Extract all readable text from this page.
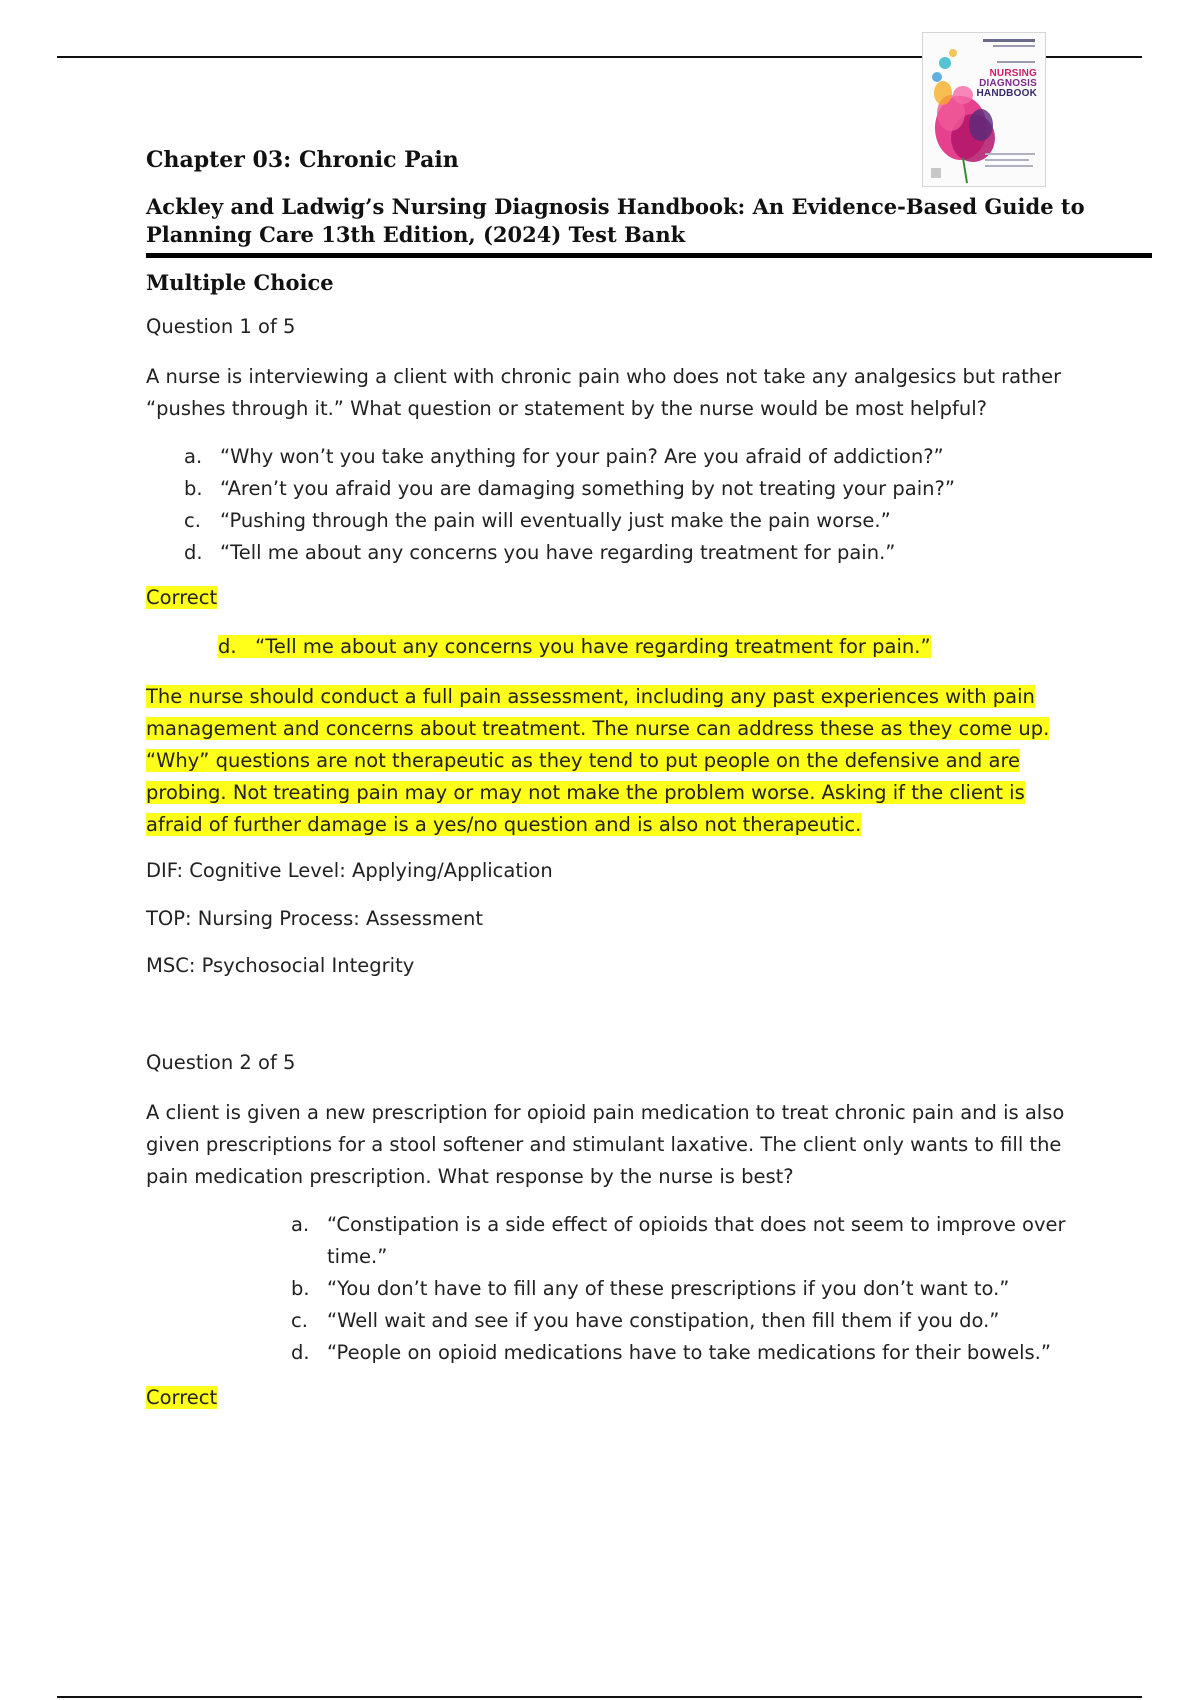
NURSING
DIAGNOSIS
HANDBOOK
Chapter 03: Chronic Pain
Ackley and Ladwig’s Nursing Diagnosis Handbook: An Evidence-Based Guide to Planning Care 13th Edition, (2024) Test Bank
Multiple Choice
Question 1 of 5
A nurse is interviewing a client with chronic pain who does not take any analgesics but rather “pushes through it.” What question or statement by the nurse would be most helpful?
a. “Why won’t you take anything for your pain? Are you afraid of addiction?”
b. “Aren’t you afraid you are damaging something by not treating your pain?”
c. “Pushing through the pain will eventually just make the pain worse.”
d. “Tell me about any concerns you have regarding treatment for pain.”
Correct
d.   “Tell me about any concerns you have regarding treatment for pain.”
The nurse should conduct a full pain assessment, including any past experiences with pain management and concerns about treatment. The nurse can address these as they come up. “Why” questions are not therapeutic as they tend to put people on the defensive and are probing. Not treating pain may or may not make the problem worse. Asking if the client is afraid of further damage is a yes/no question and is also not therapeutic.
DIF: Cognitive Level: Applying/Application
TOP: Nursing Process: Assessment
MSC: Psychosocial Integrity
Question 2 of 5
A client is given a new prescription for opioid pain medication to treat chronic pain and is also given prescriptions for a stool softener and stimulant laxative. The client only wants to fill the pain medication prescription. What response by the nurse is best?
a. “Constipation is a side effect of opioids that does not seem to improve over time.”
b. “You don’t have to fill any of these prescriptions if you don’t want to.”
c. “Well wait and see if you have constipation, then fill them if you do.”
d. “People on opioid medications have to take medications for their bowels.”
Correct
